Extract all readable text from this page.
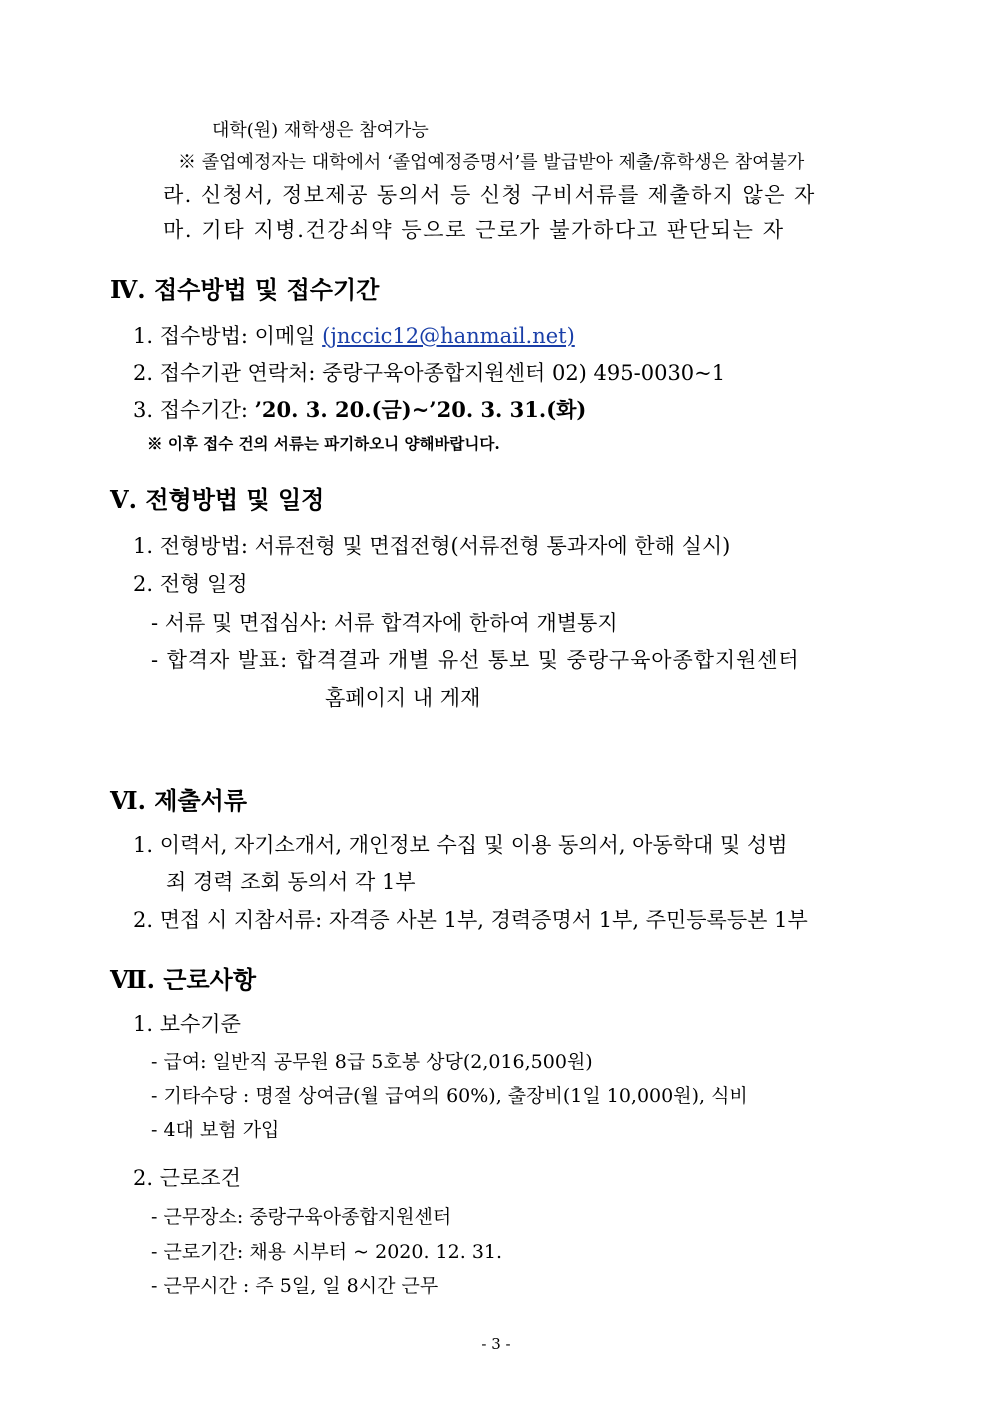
대학(원) 재학생은 참여가능
※ 졸업예정자는 대학에서 ‘졸업예정증명서’를 발급받아 제출/휴학생은 참여불가
라. 신청서, 정보제공 동의서 등 신청 구비서류를 제출하지 않은 자
마. 기타 지병.건강쇠약 등으로 근로가 불가하다고 판단되는 자
Ⅳ. 접수방법 및 접수기간
1. 접수방법: 이메일 (jnccic12@hanmail.net)
2. 접수기관 연락처: 중랑구육아종합지원센터 02) 495-0030~1
3. 접수기간: ’20. 3. 20.(금)~’20. 3. 31.(화)
※ 이후 접수 건의 서류는 파기하오니 양해바랍니다.
Ⅴ. 전형방법 및 일정
1. 전형방법: 서류전형 및 면접전형(서류전형 통과자에 한해 실시)
2. 전형 일정
- 서류 및 면접심사: 서류 합격자에 한하여 개별통지
- 합격자 발표: 합격결과 개별 유선 통보 및 중랑구육아종합지원센터
홈페이지 내 게재
Ⅵ. 제출서류
1. 이력서, 자기소개서, 개인정보 수집 및 이용 동의서, 아동학대 및 성범
죄 경력 조회 동의서 각 1부
2. 면접 시 지참서류: 자격증 사본 1부, 경력증명서 1부, 주민등록등본 1부
Ⅶ. 근로사항
1. 보수기준
- 급여: 일반직 공무원 8급 5호봉 상당(2,016,500원)
- 기타수당 : 명절 상여금(월 급여의 60%), 출장비(1일 10,000원), 식비
- 4대 보험 가입
2. 근로조건
- 근무장소: 중랑구육아종합지원센터
- 근로기간: 채용 시부터 ~ 2020. 12. 31.
- 근무시간 : 주 5일, 일 8시간 근무
- 3 -
